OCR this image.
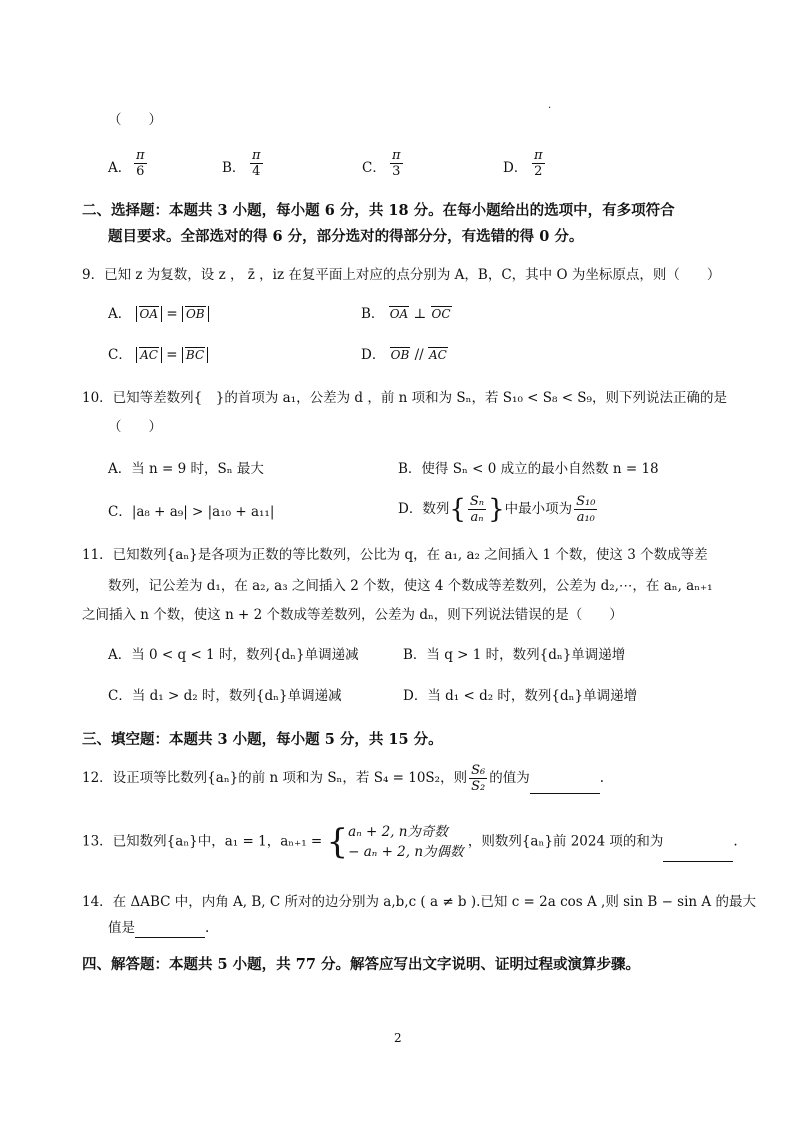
.
（　　）
A． $\frac{\pi}{6}$	B． $\frac{\pi}{4}$	C． $\frac{\pi}{3}$	D． $\frac{\pi}{2}$
二、选择题：本题共 3 小题，每小题 6 分，共 18 分。在每小题给出的选项中，有多项符合
题目要求。全部选对的得 6 分，部分选对的得部分分，有选错的得 0 分。
9．已知 z 为复数，设 z ， z̄ ，iz 在复平面上对应的点分别为 A，B，C，其中 O 为坐标原点，则（　　）
A． OA = OB	B． OA ⊥ OC
C． AC = BC	D． OB // AC
10．已知等差数列{　}的首项为 a₁，公差为 d ，前 n 项和为 Sₙ，若 S₁₀ < S₈ < S₉，则下列说法正确的是
（　　）
A．当 n = 9 时，Sₙ 最大	B．使得 Sₙ < 0 成立的最小自然数 n = 18
C．|a₈ + a₉| > |a₁₀ + a₁₁|	D．数列{ $\frac{\text{Sₙ}}{\text{aₙ}}$ }中最小项为 $\frac{\text{S₁₀}}{\text{a₁₀}}$
11．已知数列{aₙ}是各项为正数的等比数列，公比为 q，在 a₁, a₂ 之间插入 1 个数，使这 3 个数成等差
数列，记公差为 d₁，在 a₂, a₃ 之间插入 2 个数，使这 4 个数成等差数列，公差为 d₂,⋯，在 aₙ, aₙ₊₁
之间插入 n 个数，使这 n + 2 个数成等差数列，公差为 dₙ，则下列说法错误的是（　　）
A．当 0 < q < 1 时，数列{dₙ}单调递减	B．当 q > 1 时，数列{dₙ}单调递增
C．当 d₁ > d₂ 时，数列{dₙ}单调递减	D．当 d₁ < d₂ 时，数列{dₙ}单调递增
三、填空题：本题共 3 小题，每小题 5 分，共 15 分。
12．设正项等比数列{aₙ}的前 n 项和为 Sₙ，若 S₄ = 10S₂，则 $\frac{\text{S₆}}{\text{S₂}}$ 的值为	.
13．已知数列{aₙ}中，a₁ = 1，aₙ₊₁ = { aₙ + 2, n为奇数
− aₙ + 2, n为偶数
，则数列{aₙ}前 2024 项的和为	.
14．在 ΔABC 中，内角 A, B, C 所对的边分别为 a,b,c ( a ≠ b ).已知 c = 2a cos A ,则 sin B − sin A 的最大
值是	.
四、解答题：本题共 5 小题，共 77 分。解答应写出文字说明、证明过程或演算步骤。
2
